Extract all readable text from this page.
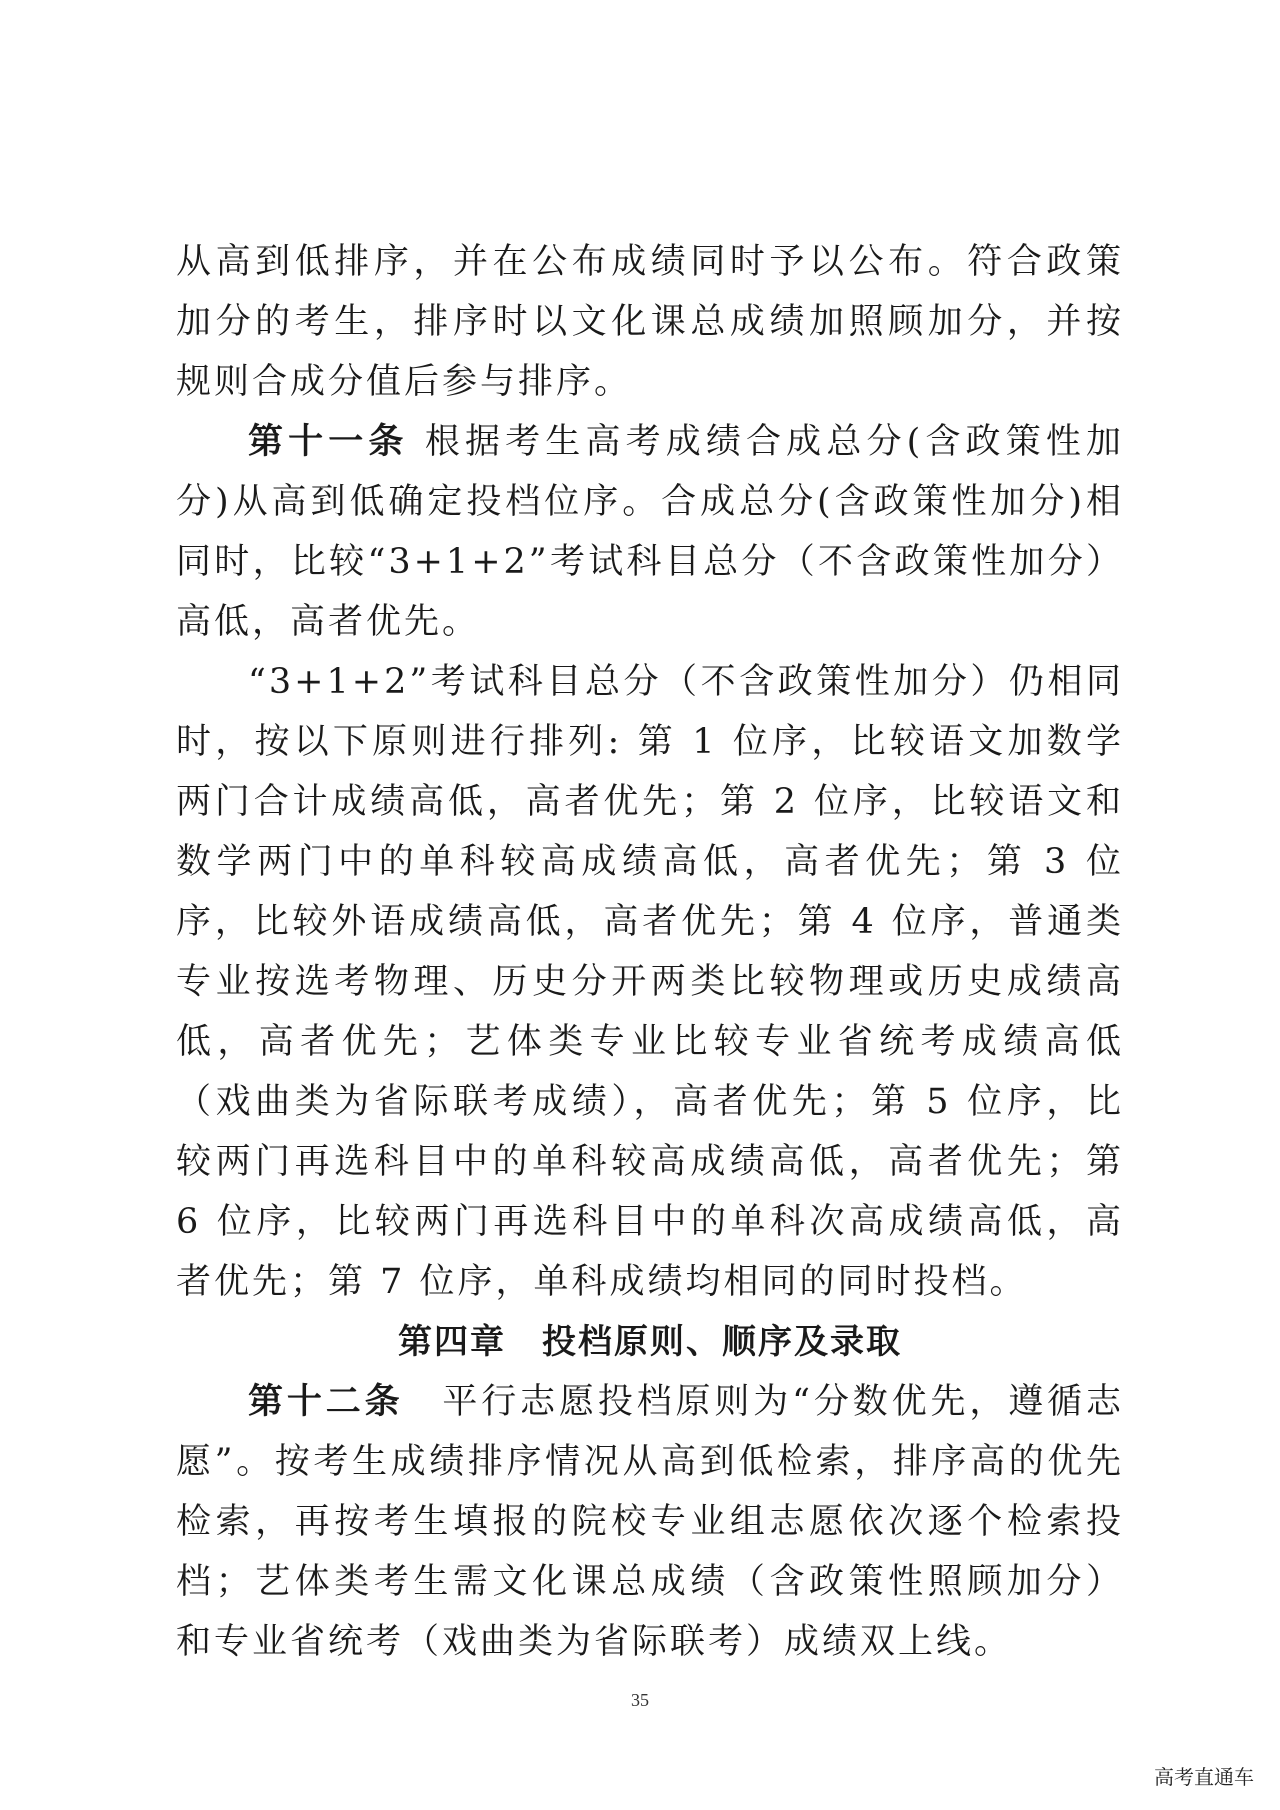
从高到低排序，并在公布成绩同时予以公布。符合政策加分的考生，排序时以文化课总成绩加照顾加分，并按规则合成分值后参与排序。

第十一条 根据考生高考成绩合成总分(含政策性加分)从高到低确定投档位序。合成总分(含政策性加分)相同时，比较“3+1+2”考试科目总分（不含政策性加分）高低，高者优先。

“3+1+2”考试科目总分（不含政策性加分）仍相同时，按以下原则进行排列: 第 1 位序，比较语文加数学两门合计成绩高低，高者优先；第 2 位序，比较语文和数学两门中的单科较高成绩高低，高者优先；第 3 位序，比较外语成绩高低，高者优先；第 4 位序，普通类专业按选考物理、历史分开两类比较物理或历史成绩高低，高者优先；艺体类专业比较专业省统考成绩高低（戏曲类为省际联考成绩），高者优先；第 5 位序，比较两门再选科目中的单科较高成绩高低，高者优先；第 6 位序，比较两门再选科目中的单科次高成绩高低，高者优先；第 7 位序，单科成绩均相同的同时投档。

第四章　投档原则、顺序及录取

第十二条　平行志愿投档原则为“分数优先，遵循志愿”。按考生成绩排序情况从高到低检索，排序高的优先检索，再按考生填报的院校专业组志愿依次逐个检索投档；艺体类考生需文化课总成绩（含政策性照顾加分）和专业省统考（戏曲类为省际联考）成绩双上线。

35
高考直通车
